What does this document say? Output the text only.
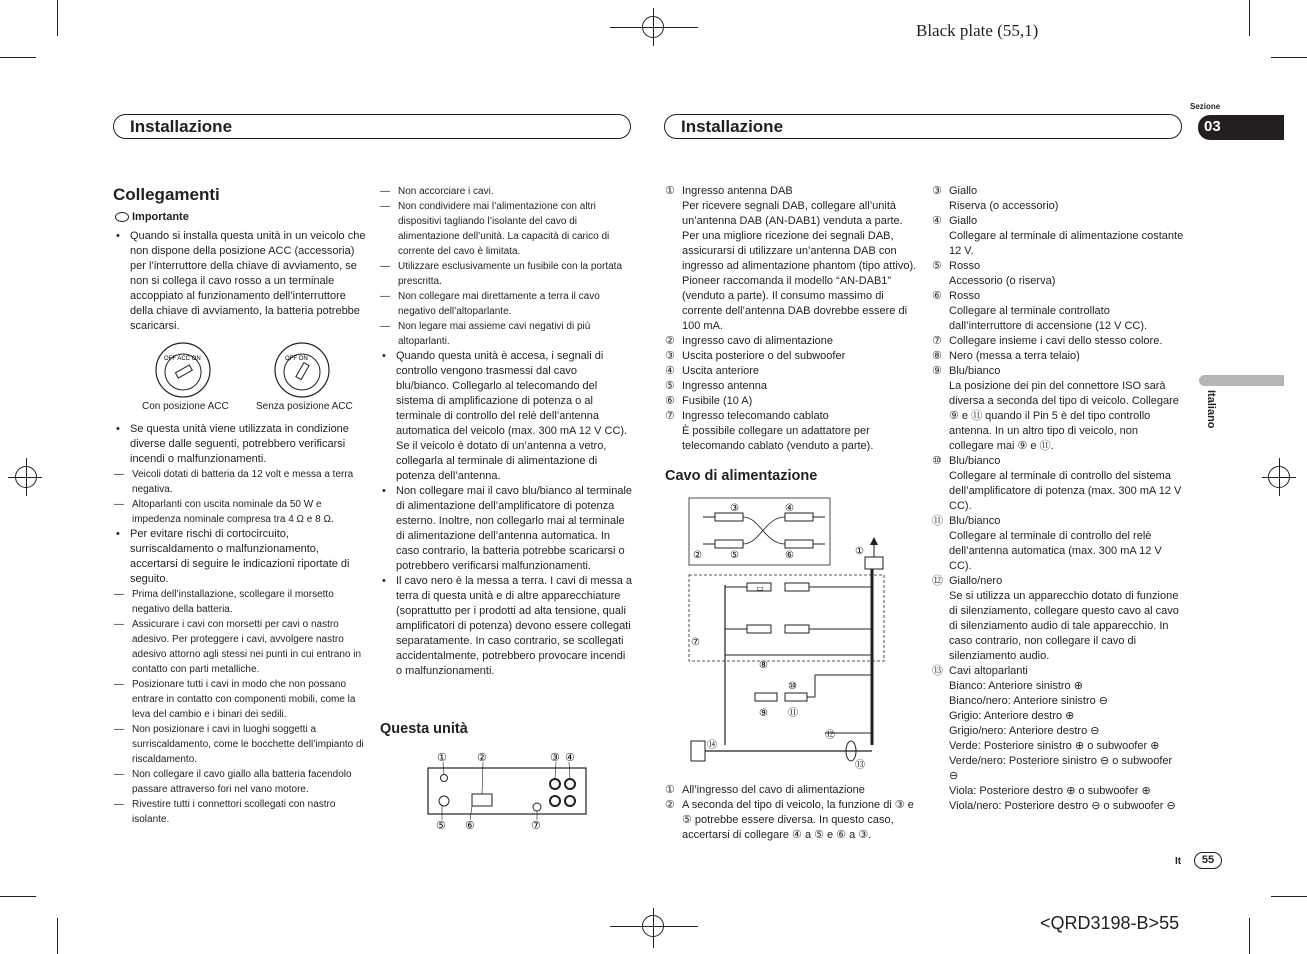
Black plate (55,1)
Installazione	Installazione
Sezione
03
Italiano
Collegamenti
Importante

• Quando si installa questa unità in un veicolo che non dispone della posizione ACC (accessoria) per l’interruttore della chiave di avviamento, se non si collega il cavo rosso a un terminale accoppiato al funzionamento dell’interruttore della chiave di avviamento, la batteria potrebbe scaricarsi.

OFF ACC ON	OFF ON
Con posizione ACC	Senza posizione ACC

• Se questa unità viene utilizzata in condizione diverse dalle seguenti, potrebbero verificarsi incendi o malfunzionamenti.

— Veicoli dotati di batteria da 12 volt e messa a terra negativa.

— Altoparlanti con uscita nominale da 50 W e impedenza nominale compresa tra 4 Ω e 8 Ω.

• Per evitare rischi di cortocircuito, surriscaldamento o malfunzionamento, accertarsi di seguire le indicazioni riportate di seguito.

— Prima dell’installazione, scollegare il morsetto negativo della batteria.

— Assicurare i cavi con morsetti per cavi o nastro adesivo. Per proteggere i cavi, avvolgere nastro adesivo attorno agli stessi nei punti in cui entrano in contatto con parti metalliche.

— Posizionare tutti i cavi in modo che non possano entrare in contatto con componenti mobili, come la leva del cambio e i binari dei sedili.

— Non posizionare i cavi in luoghi soggetti a surriscaldamento, come le bocchette dell’impianto di riscaldamento.

— Non collegare il cavo giallo alla batteria facendolo passare attraverso fori nel vano motore.

— Rivestire tutti i connettori scollegati con nastro isolante.

— Non accorciare i cavi.

— Non condividere mai l’alimentazione con altri dispositivi tagliando l’isolante del cavo di alimentazione dell’unità. La capacità di carico di corrente del cavo è limitata.

— Utilizzare esclusivamente un fusibile con la portata prescritta.

— Non collegare mai direttamente a terra il cavo negativo dell’altoparlante.

— Non legare mai assieme cavi negativi di più altoparlanti.

• Quando questa unità è accesa, i segnali di controllo vengono trasmessi dal cavo blu/bianco. Collegarlo al telecomando del sistema di amplificazione di potenza o al terminale di controllo del relè dell’antenna automatica del veicolo (max. 300 mA 12 V CC). Se il veicolo è dotato di un’antenna a vetro, collegarla al terminale di alimentazione di potenza dell’antenna.

• Non collegare mai il cavo blu/bianco al terminale di alimentazione dell’amplificatore di potenza esterno. Inoltre, non collegarlo mai al terminale di alimentazione dell’antenna automatica. In caso contrario, la batteria potrebbe scaricarsi o potrebbero verificarsi malfunzionamenti.

• Il cavo nero è la messa a terra. I cavi di messa a terra di questa unità e di altre apparecchiature (soprattutto per i prodotti ad alta tensione, quali amplificatori di potenza) devono essere collegati separatamente. In caso contrario, se scollegati accidentalmente, potrebbero provocare incendi o malfunzionamenti.

Questa unità
①	②	③ ④
⑤ ⑥	⑦
① Ingresso antenna DAB
Per ricevere segnali DAB, collegare all’unità un’antenna DAB (AN-DAB1) venduta a parte. Per una migliore ricezione dei segnali DAB, assicurarsi di utilizzare un’antenna DAB con ingresso ad alimentazione phantom (tipo attivo). Pioneer raccomanda il modello “AN-DAB1” (venduto a parte). Il consumo massimo di corrente dell’antenna DAB dovrebbe essere di 100 mA.
② Ingresso cavo di alimentazione
③ Uscita posteriore o del subwoofer
④ Uscita anteriore
⑤ Ingresso antenna
⑥ Fusibile (10 A)
⑦ Ingresso telecomando cablato
È possibile collegare un adattatore per telecomando cablato (venduto a parte).
Cavo di alimentazione
③	④
②	⑤	⑥	①
⑦
⑧
⑨
⑩
⑪
⑫
⑬
⑭
▭
① All’ingresso del cavo di alimentazione
② A seconda del tipo di veicolo, la funzione di ③ e ⑤ potrebbe essere diversa. In questo caso, accertarsi di collegare ④ a ⑤ e ⑥ a ③.
③ Giallo
Riserva (o accessorio)
④ Giallo
Collegare al terminale di alimentazione costante 12 V.
⑤ Rosso
Accessorio (o riserva)
⑥ Rosso
Collegare al terminale controllato dall’interruttore di accensione (12 V CC).
⑦ Collegare insieme i cavi dello stesso colore.
⑧ Nero (messa a terra telaio)
⑨ Blu/bianco
La posizione dei pin del connettore ISO sarà diversa a seconda del tipo di veicolo. Collegare ⑨ e ⑪ quando il Pin 5 è del tipo controllo antenna. In un altro tipo di veicolo, non collegare mai ⑨ e ⑪.
⑩ Blu/bianco
Collegare al terminale di controllo del sistema dell’amplificatore di potenza (max. 300 mA 12 V CC).
⑪ Blu/bianco
Collegare al terminale di controllo del relè dell’antenna automatica (max. 300 mA 12 V CC).
⑫ Giallo/nero
Se si utilizza un apparecchio dotato di funzione di silenziamento, collegare questo cavo al cavo di silenziamento audio di tale apparecchio. In caso contrario, non collegare il cavo di silenziamento audio.
⑬ Cavi altoparlanti
Bianco: Anteriore sinistro ⊕
Bianco/nero: Anteriore sinistro ⊖
Grigio: Anteriore destro ⊕
Grigio/nero: Anteriore destro ⊖
Verde: Posteriore sinistro ⊕ o subwoofer ⊕
Verde/nero: Posteriore sinistro ⊖ o subwoofer ⊖
Viola: Posteriore destro ⊕ o subwoofer ⊕
Viola/nero: Posteriore destro ⊖ o subwoofer ⊖
It	55
<QRD3198-B>55
